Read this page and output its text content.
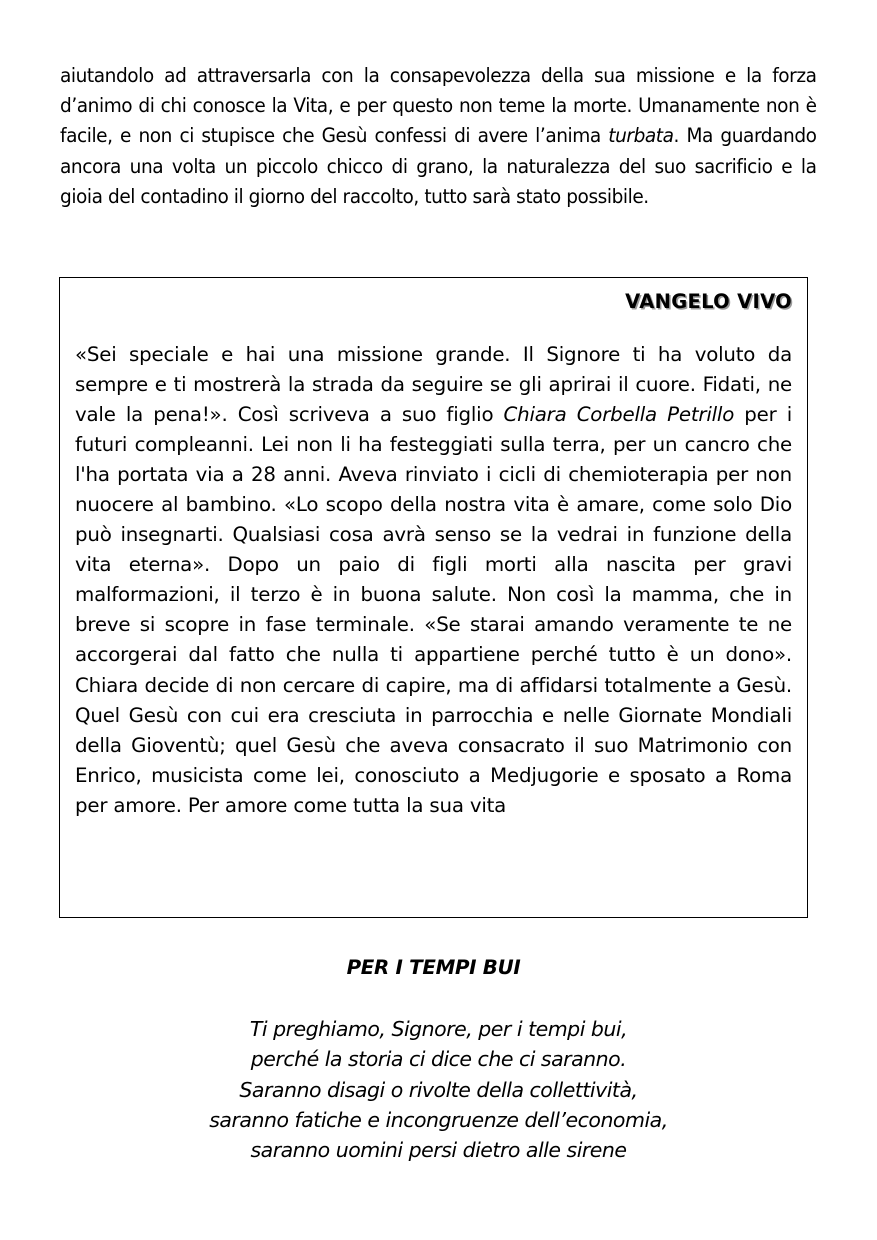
aiutandolo ad attraversarla con la consapevolezza della sua missione e la forza d’animo di chi conosce la Vita, e per questo non teme la morte. Umanamente non è facile, e non ci stupisce che Gesù confessi di avere l’anima turbata. Ma guardando ancora una volta un piccolo chicco di grano, la naturalezza del suo sacrificio e la gioia del contadino il giorno del raccolto, tutto sarà stato possibile.

VANGELO VIVO

«Sei speciale e hai una missione grande. Il Signore ti ha voluto da sempre e ti mostrerà la strada da seguire se gli aprirai il cuore. Fidati, ne vale la pena!». Così scriveva a suo figlio Chiara Corbella Petrillo per i futuri compleanni. Lei non li ha festeggiati sulla terra, per un cancro che l'ha portata via a 28 anni. Aveva rinviato i cicli di chemioterapia per non nuocere al bambino. «Lo scopo della nostra vita è amare, come solo Dio può insegnarti. Qualsiasi cosa avrà senso se la vedrai in funzione della vita eterna». Dopo un paio di figli morti alla nascita per gravi malformazioni, il terzo è in buona salute. Non così la mamma, che in breve si scopre in fase terminale. «Se starai amando veramente te ne accorgerai dal fatto che nulla ti appartiene perché tutto è un dono». Chiara decide di non cercare di capire, ma di affidarsi totalmente a Gesù. Quel Gesù con cui era cresciuta in parrocchia e nelle Giornate Mondiali della Gioventù; quel Gesù che aveva consacrato il suo Matrimonio con Enrico, musicista come lei, conosciuto a Medjugorie e sposato a Roma per amore. Per amore come tutta la sua vita

PER I TEMPI BUI
Ti preghiamo, Signore, per i tempi bui,
perché la storia ci dice che ci saranno.
Saranno disagi o rivolte della collettività,
saranno fatiche e incongruenze dell’economia,
saranno uomini persi dietro alle sirene
